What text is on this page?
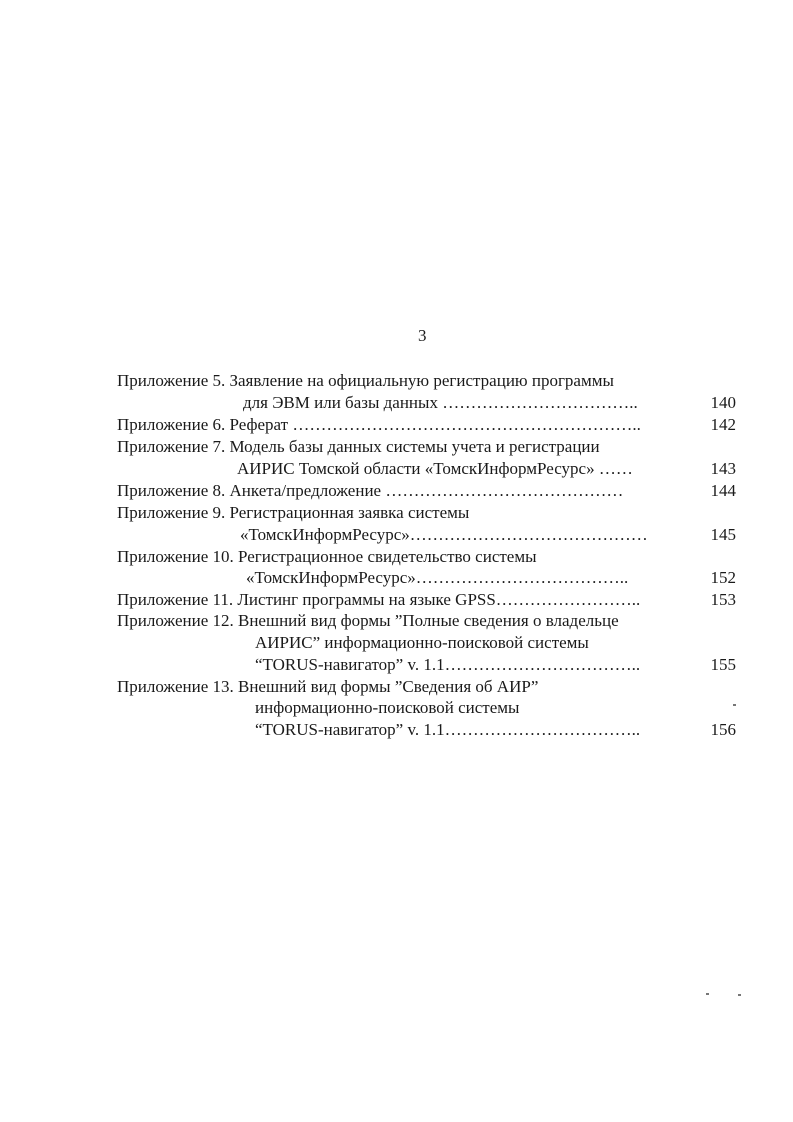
3
Приложение 5. Заявление на официальную регистрацию программы
для ЭВМ или базы данных ……………………………..	140
Приложение 6. Реферат ……………………………………………………..	142
Приложение 7. Модель базы данных системы учета и регистрации
АИРИС Томской области «ТомскИнформРесурс» ……	143
Приложение 8. Анкета/предложение ……………………………………	144
Приложение 9. Регистрационная заявка системы
«ТомскИнформРесурс»……………………………………	145
Приложение 10. Регистрационное свидетельство системы
«ТомскИнформРесурс»………………………………..	152
Приложение 11. Листинг программы на языке GPSS……………………..	153
Приложение 12. Внешний вид формы ”Полные сведения о владельце
АИРИС” информационно-поисковой системы
“TORUS-навигатор” v. 1.1……………………………..	155
Приложение 13. Внешний вид формы ”Сведения об АИР”
информационно-поисковой системы
“TORUS-навигатор” v. 1.1……………………………..	156
